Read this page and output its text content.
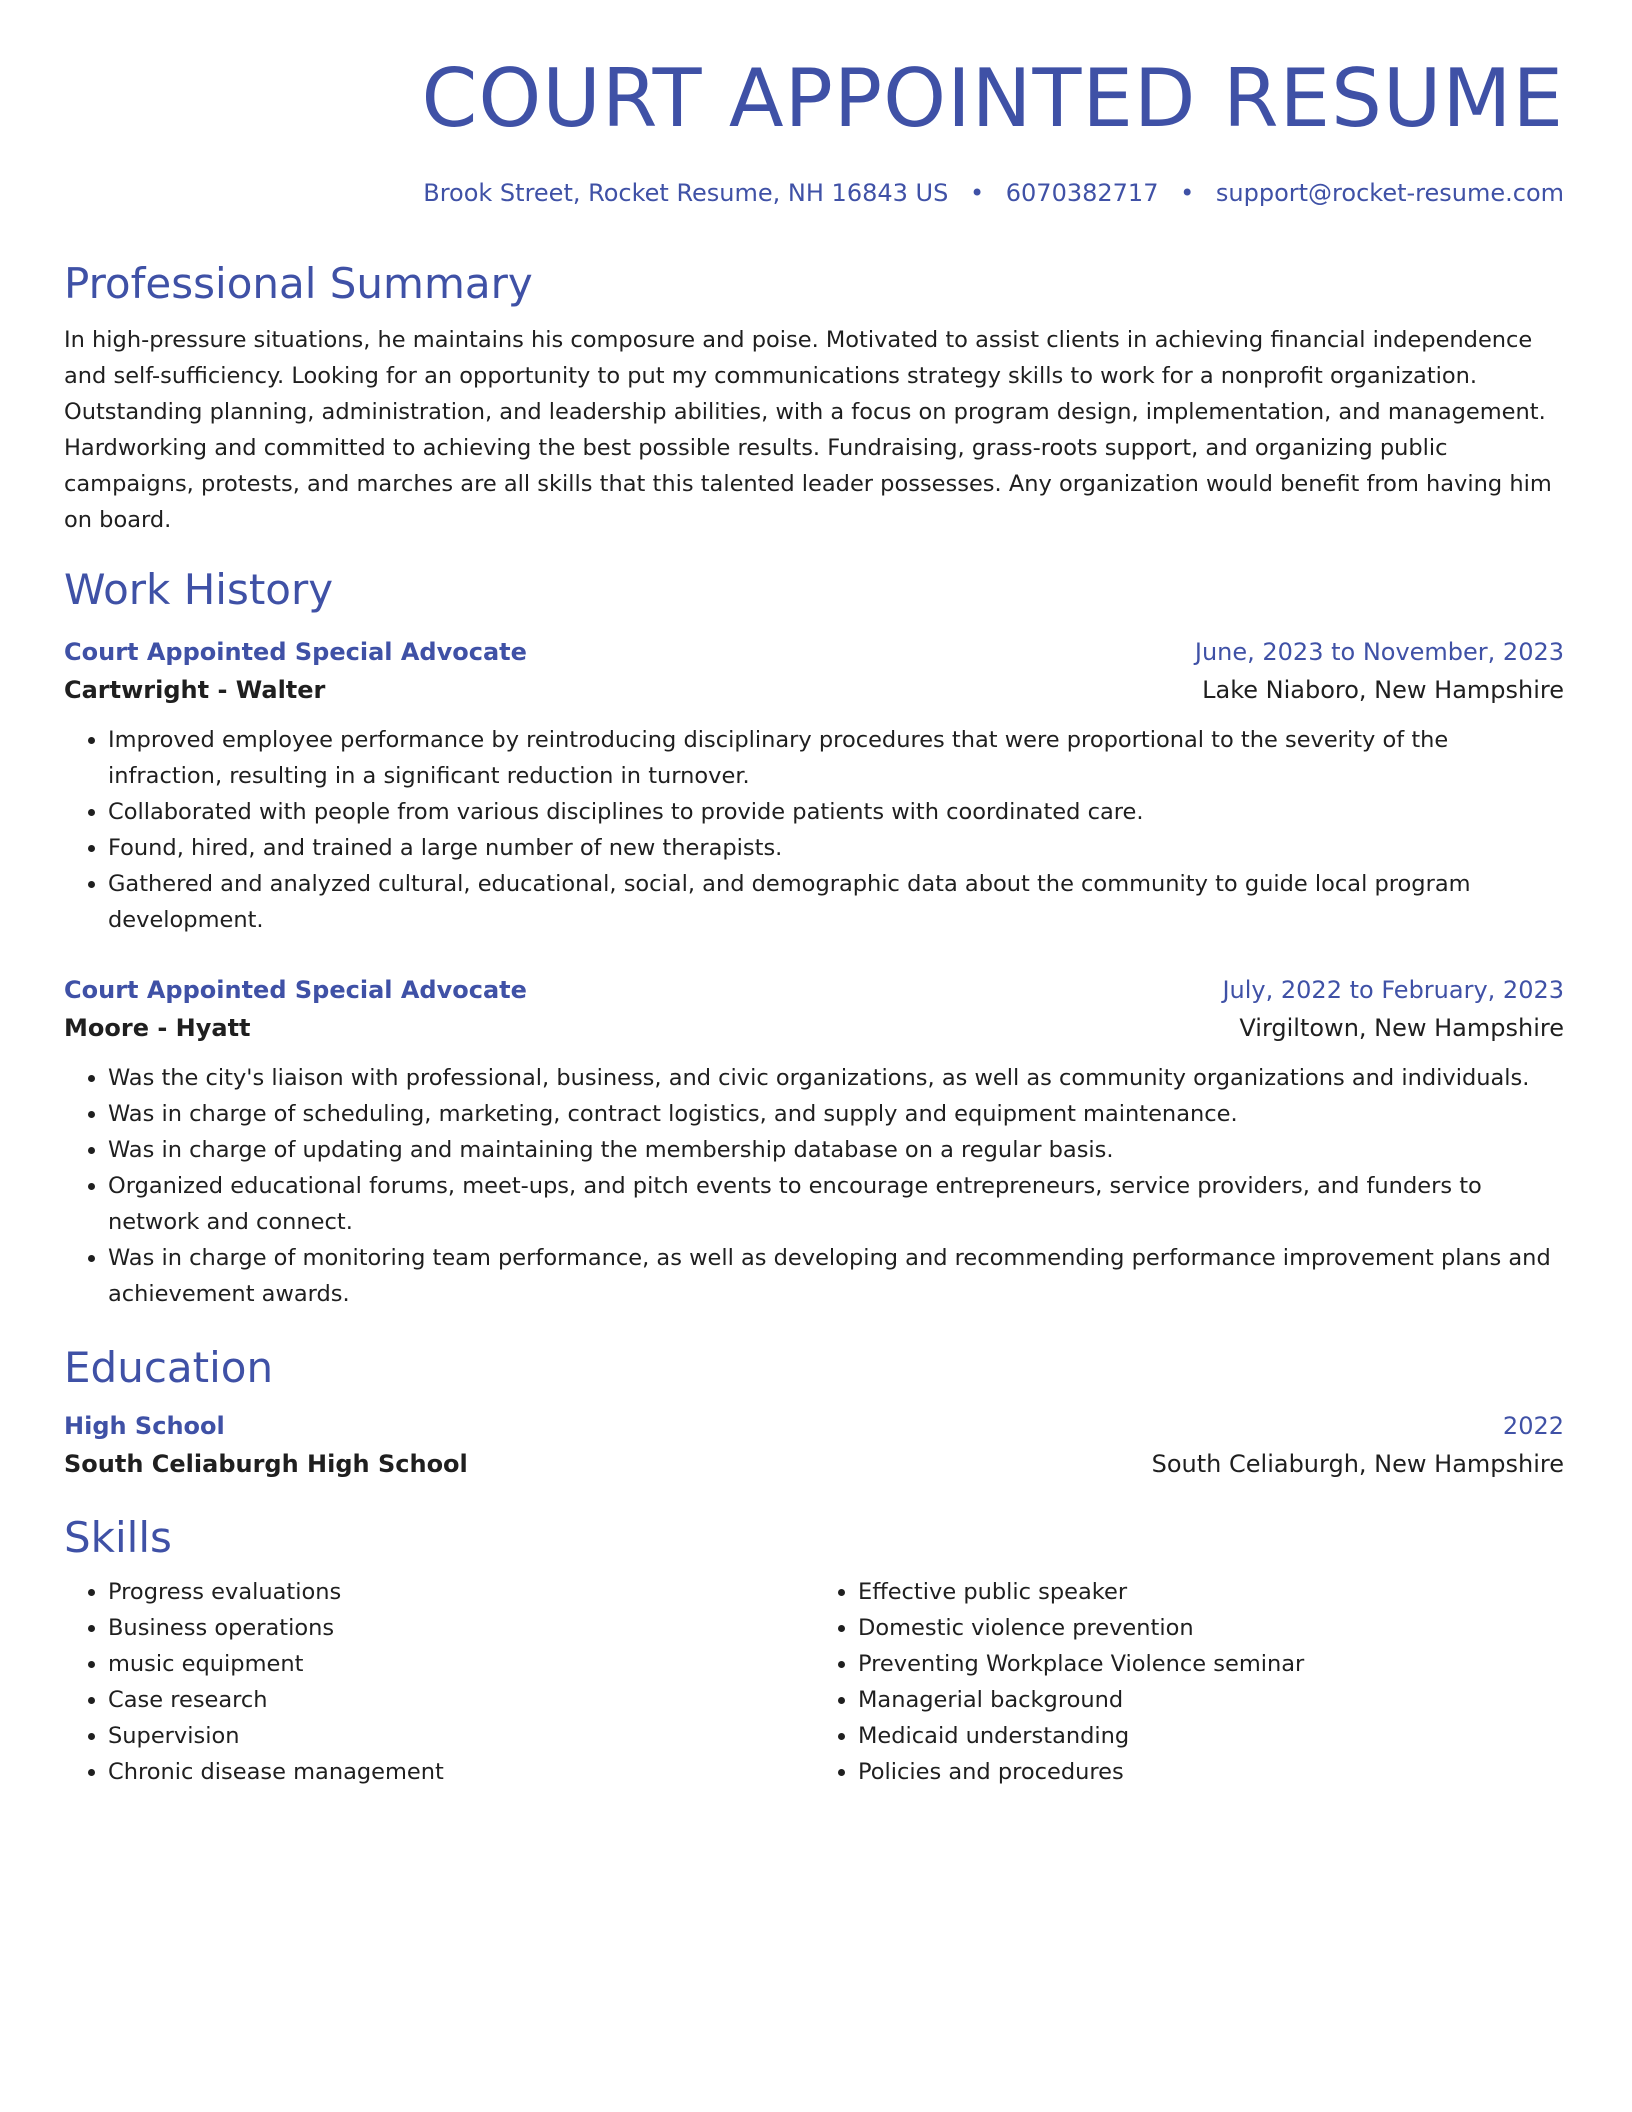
COURT APPOINTED RESUME
Brook Street, Rocket Resume, NH 16843 US • 6070382717 • support@rocket-resume.com
Professional Summary

In high-pressure situations, he maintains his composure and poise. Motivated to assist clients in achieving financial independence and self-sufficiency. Looking for an opportunity to put my communications strategy skills to work for a nonprofit organization. Outstanding planning, administration, and leadership abilities, with a focus on program design, implementation, and management. Hardworking and committed to achieving the best possible results. Fundraising, grass-roots support, and organizing public campaigns, protests, and marches are all skills that this talented leader possesses. Any organization would benefit from having him on board.

Work History
Court Appointed Special Advocate	June, 2023 to November, 2023
Cartwright - Walter	Lake Niaboro, New Hampshire
• Improved employee performance by reintroducing disciplinary procedures that were proportional to the severity of the infraction, resulting in a significant reduction in turnover.
• Collaborated with people from various disciplines to provide patients with coordinated care.
• Found, hired, and trained a large number of new therapists.
• Gathered and analyzed cultural, educational, social, and demographic data about the community to guide local program development.
Court Appointed Special Advocate	July, 2022 to February, 2023
Moore - Hyatt	Virgiltown, New Hampshire
• Was the city's liaison with professional, business, and civic organizations, as well as community organizations and individuals.
• Was in charge of scheduling, marketing, contract logistics, and supply and equipment maintenance.
• Was in charge of updating and maintaining the membership database on a regular basis.
• Organized educational forums, meet-ups, and pitch events to encourage entrepreneurs, service providers, and funders to network and connect.
• Was in charge of monitoring team performance, as well as developing and recommending performance improvement plans and achievement awards.
Education
High School	2022
South Celiaburgh High School	South Celiaburgh, New Hampshire
Skills
• Progress evaluations
• Business operations
• music equipment
• Case research
• Supervision
• Chronic disease management
• Effective public speaker
• Domestic violence prevention
• Preventing Workplace Violence seminar
• Managerial background
• Medicaid understanding
• Policies and procedures
